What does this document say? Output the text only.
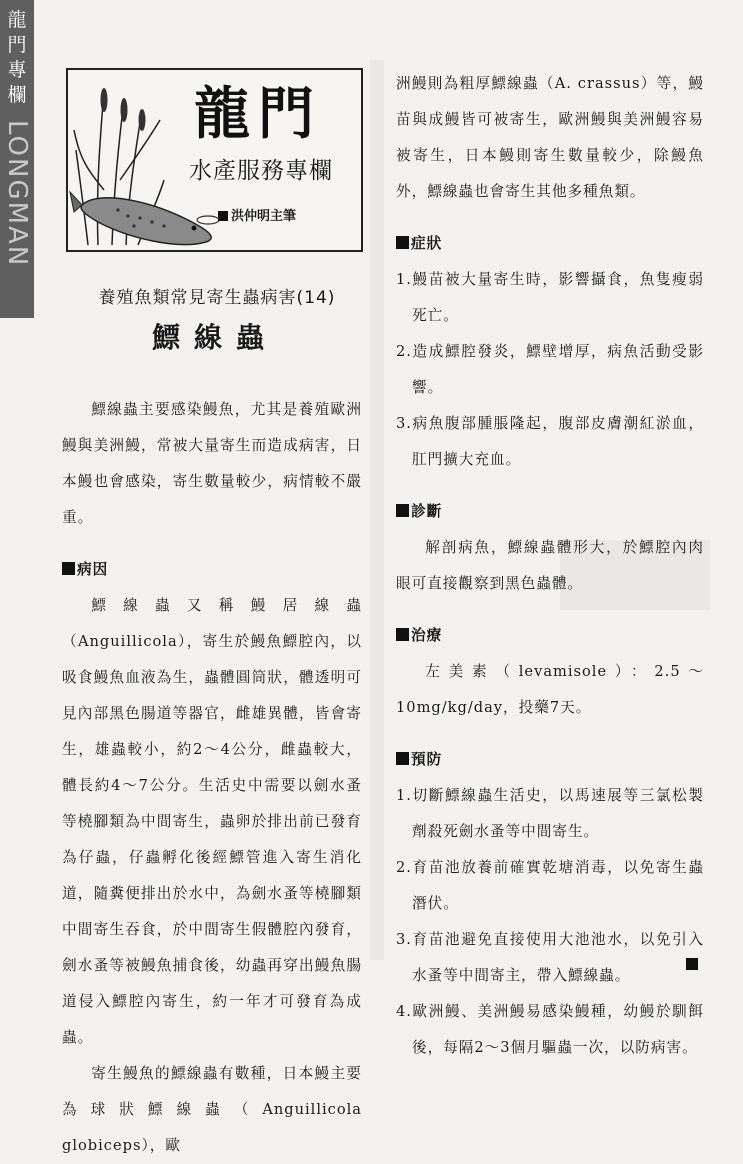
龍
門
專
欄
LONGMAN
龍門
水產服務專欄
洪仲明主筆
養殖魚類常見寄生蟲病害(14)
鰾線蟲

鰾線蟲主要感染鰻魚，尤其是養殖歐洲鰻與美洲鰻，常被大量寄生而造成病害，日本鰻也會感染，寄生數量較少，病情較不嚴重。

病因

鰾線蟲又稱鰻居線蟲（Anguillicola），寄生於鰻魚鰾腔內，以吸食鰻魚血液為生，蟲體圓筒狀，體透明可見內部黑色腸道等器官，雌雄異體，皆會寄生，雄蟲較小，約2～4公分，雌蟲較大，體長約4～7公分。生活史中需要以劍水蚤等橈腳類為中間寄生，蟲卵於排出前已發育為仔蟲，仔蟲孵化後經鰾管進入寄生消化道，隨糞便排出於水中，為劍水蚤等橈腳類中間寄生吞食，於中間寄生假體腔內發育，劍水蚤等被鰻魚捕食後，幼蟲再穿出鰻魚腸道侵入鰾腔內寄生，約一年才可發育為成蟲。

寄生鰻魚的鰾線蟲有數種，日本鰻主要為球狀鰾線蟲（Anguillicola globiceps），歐

洲鰻則為粗厚鰾線蟲（A. crassus）等，鰻苗與成鰻皆可被寄生，歐洲鰻與美洲鰻容易被寄生，日本鰻則寄生數量較少，除鰻魚外，鰾線蟲也會寄生其他多種魚類。

症狀

1.鰻苗被大量寄生時，影響攝食，魚隻瘦弱死亡。

2.造成鰾腔發炎，鰾壁增厚，病魚活動受影響。

3.病魚腹部腫脹隆起，腹部皮膚潮紅淤血，肛門擴大充血。

診斷

解剖病魚，鰾線蟲體形大，於鰾腔內肉眼可直接觀察到黑色蟲體。

治療

左美素（levamisole）：2.5～10mg/kg/day，投藥7天。

預防

1.切斷鰾線蟲生活史，以馬速展等三氯松製劑殺死劍水蚤等中間寄生。

2.育苗池放養前確實乾塘消毒，以免寄生蟲潛伏。

3.育苗池避免直接使用大池池水，以免引入水蚤等中間寄主，帶入鰾線蟲。

4.歐洲鰻、美洲鰻易感染鰻種，幼鰻於馴餌後，每隔2～3個月驅蟲一次，以防病害。
